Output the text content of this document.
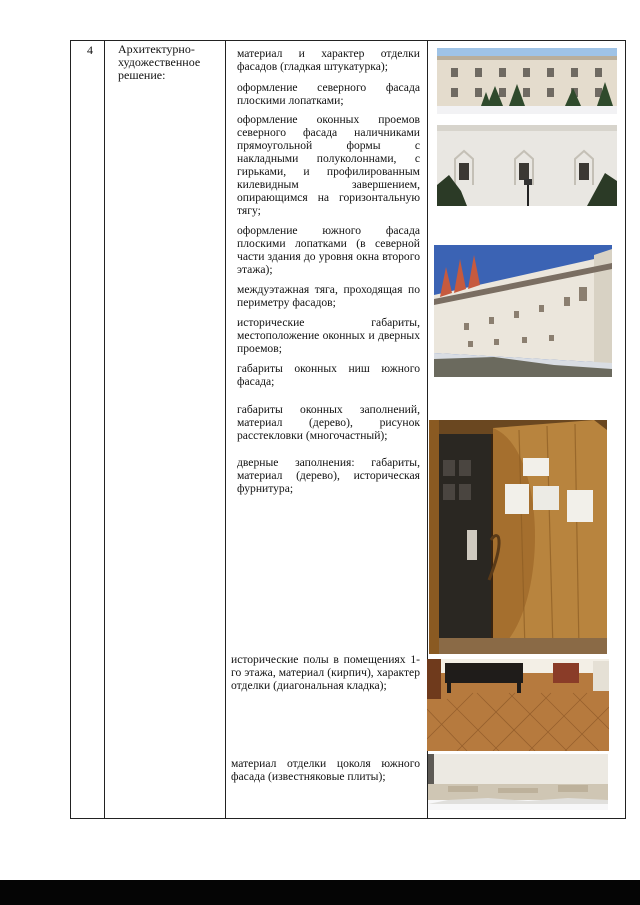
4 Архитектурно-художественное решение:
материал и характер отделки фасадов (гладкая штукатурка);
оформление северного фасада плоскими лопатками;
оформление оконных проемов северного фасада наличниками прямоугольной формы с накладными полуколоннами, с гирьками, и профилированным килевидным завершением, опирающимся на горизонтальную тягу;
оформление южного фасада плоскими лопатками (в северной части здания до уровня окна второго этажа);
междуэтажная тяга, проходящая по периметру фасадов;
исторические габариты, местоположение оконных и дверных проемов;
габариты оконных ниш южного фасада;
габариты оконных заполнений, материал (дерево), рисунок расстекловки (многочастный);
дверные заполнения: габариты, материал (дерево), историческая фурнитура;
исторические полы в помещениях 1-го этажа, материал (кирпич), характер отделки (диагональная кладка);
материал отделки цоколя южного фасада (известняковые плиты);
